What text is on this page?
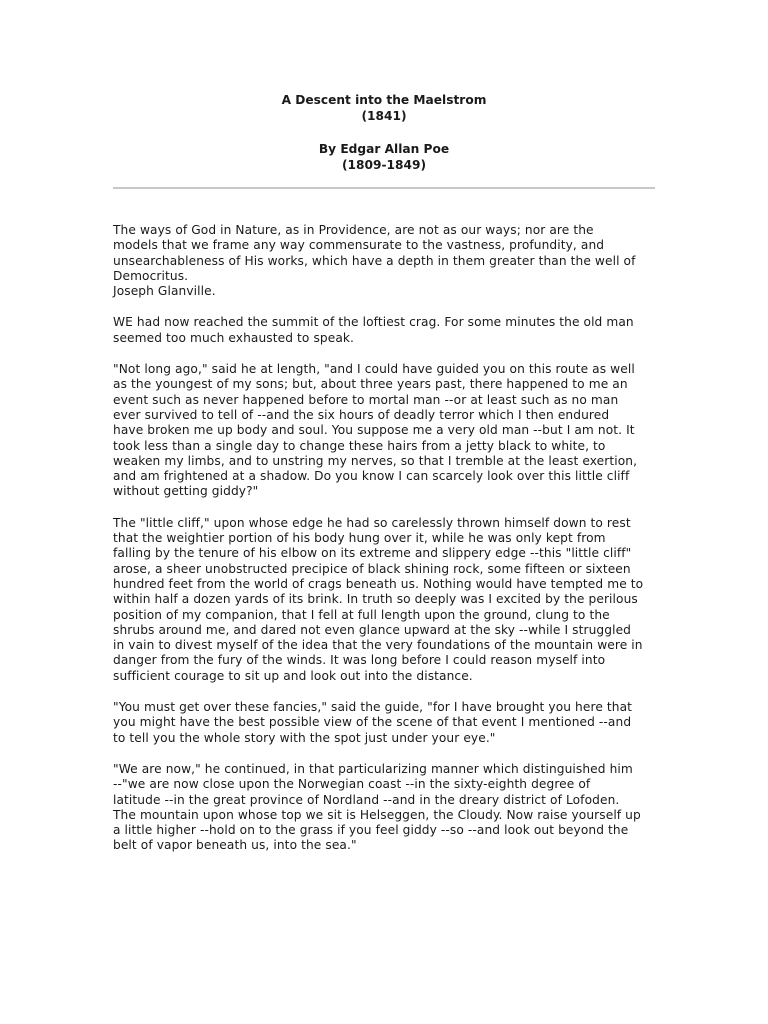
A Descent into the Maelstrom

(1841)

By Edgar Allan Poe

(1809-1849)

The ways of God in Nature, as in Providence, are not as our ways; nor are the
models that we frame any way commensurate to the vastness, profundity, and
unsearchableness of His works, which have a depth in them greater than the well of
Democritus.
Joseph Glanville.

WE had now reached the summit of the loftiest crag. For some minutes the old man
seemed too much exhausted to speak.

"Not long ago," said he at length, "and I could have guided you on this route as well
as the youngest of my sons; but, about three years past, there happened to me an
event such as never happened before to mortal man --or at least such as no man
ever survived to tell of --and the six hours of deadly terror which I then endured
have broken me up body and soul. You suppose me a very old man --but I am not. It
took less than a single day to change these hairs from a jetty black to white, to
weaken my limbs, and to unstring my nerves, so that I tremble at the least exertion,
and am frightened at a shadow. Do you know I can scarcely look over this little cliff
without getting giddy?"

The "little cliff," upon whose edge he had so carelessly thrown himself down to rest
that the weightier portion of his body hung over it, while he was only kept from
falling by the tenure of his elbow on its extreme and slippery edge --this "little cliff"
arose, a sheer unobstructed precipice of black shining rock, some fifteen or sixteen
hundred feet from the world of crags beneath us. Nothing would have tempted me to
within half a dozen yards of its brink. In truth so deeply was I excited by the perilous
position of my companion, that I fell at full length upon the ground, clung to the
shrubs around me, and dared not even glance upward at the sky --while I struggled
in vain to divest myself of the idea that the very foundations of the mountain were in
danger from the fury of the winds. It was long before I could reason myself into
sufficient courage to sit up and look out into the distance.

"You must get over these fancies," said the guide, "for I have brought you here that
you might have the best possible view of the scene of that event I mentioned --and
to tell you the whole story with the spot just under your eye."

"We are now," he continued, in that particularizing manner which distinguished him
--"we are now close upon the Norwegian coast --in the sixty-eighth degree of
latitude --in the great province of Nordland --and in the dreary district of Lofoden.
The mountain upon whose top we sit is Helseggen, the Cloudy. Now raise yourself up
a little higher --hold on to the grass if you feel giddy --so --and look out beyond the
belt of vapor beneath us, into the sea."
